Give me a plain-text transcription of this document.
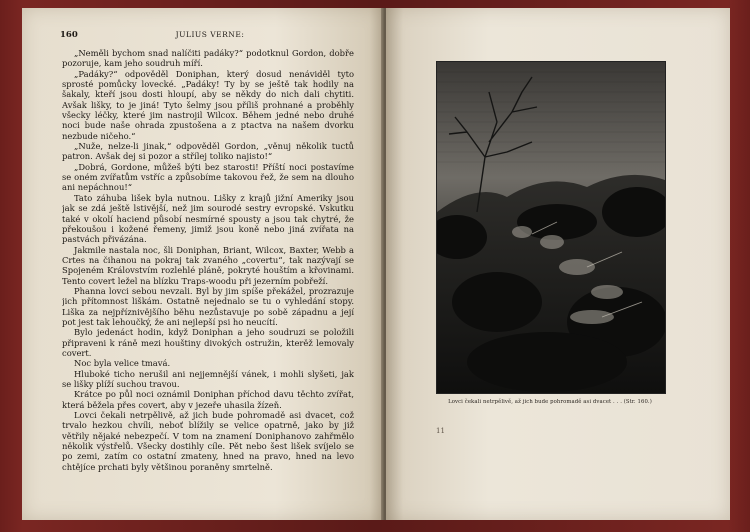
160	JULIUS VERNE:

„Neměli bychom snad nalíčiti padáky?“ podotknul Gordon, dobře pozoruje, kam jeho soudruh míří.

„Padáky?“ odpověděl Doniphan, který dosud nenáviděl tyto sprosté pomůcky lovecké. „Padáky! Ty by se ještě tak hodily na šakaly, kteří jsou dosti hloupí, aby se někdy do nich dali chytiti. Avšak lišky, to je jiná! Tyto šelmy jsou příliš prohnané a proběhly všecky léčky, které jim nastrojil Wilcox. Během jedné nebo druhé noci bude naše ohrada zpustošena a z ptactva na našem dvorku nezbude ničeho.“

„Nuže, nelze-li jinak,“ odpověděl Gordon, „věnuj několik tuctů patron. Avšak dej si pozor a střílej toliko najisto!“

„Dobrá, Gordone, můžeš býti bez starosti! Příští noci postavíme se oném zvířatům vstříc a způsobíme takovou řež, že sem na dlouho ani nepáchnou!“

Tato záhuba lišek byla nutnou. Lišky z krajů jižní Ameriky jsou jak se zdá ještě lstivější, než jim sourodé sestry evropské. Vskutku také v okolí haciend působí nesmírné spousty a jsou tak chytré, že překoušou i kožené řemeny, jimiž jsou koně nebo jiná zvířata na pastvách přivázána.

Jakmile nastala noc, šli Doniphan, Briant, Wilcox, Baxter, Webb a Crtes na čihanou na pokraj tak zvaného „covertu“, tak nazývají se Spojeném Královstvím rozlehlé pláně, pokryté houštím a křovinami. Tento covert ležel na blízku Traps-woodu při jezerním pobřeží.

Phanna lovci sebou nevzali. Byl by jim spíše překážel, prozrazuje jich přítomnost liškám. Ostatně nejednalo se tu o vyhledání stopy. Liška za nejpříznivějšího běhu nezůstavuje po sobě západnu a její pot jest tak lehoučký, že ani nejlepší psi ho neucítí.

Bylo jedenáct hodin, když Doniphan a jeho soudruzi se položili připraveni k ráně mezi houštiny divokých ostružin, kterěž lemovaly covert.

Noc byla velice tmavá.

Hluboké ticho nerušil ani nejjemnější vánek, i mohli slyšeti, jak se lišky plíží suchou travou.

Krátce po půl noci oznámil Doniphan příchod davu těchto zvířat, která běžela přes covert, aby v jezeře uhasila žízeň.

Lovci čekali netrpělivě, až jich bude pohromadě asi dvacet, což trvalo hezkou chvíli, neboť blížily se velice opatrně, jako by již větřily nějaké nebezpečí. V tom na znamení Doniphanovo zahřmělo několik výstřelů. Všecky dostihly cíle. Pět nebo šest lišek svíjelo se po zemi, zatím co ostatní zmateny, hned na pravo, hned na levo chtějíce prchati byly většinou poraněny smrtelně.

Lovci čekali netrpělivě, až jich bude pohromadě asi dvacet . . . (Str. 160.)
11
